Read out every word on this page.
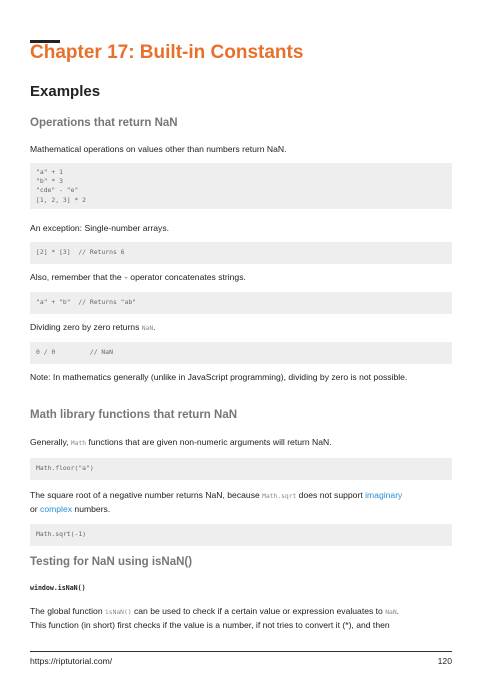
Chapter 17: Built-in Constants
Examples
Operations that return NaN

Mathematical operations on values other than numbers return NaN.

"a" + 1
"b" * 3
"cde" - "e"
[1, 2, 3] * 2

An exception: Single-number arrays.

[2] * [3]  // Returns 6

Also, remember that the + operator concatenates strings.

"a" + "b"  // Returns "ab"

Dividing zero by zero returns NaN.

0 / 0         // NaN

Note: In mathematics generally (unlike in JavaScript programming), dividing by zero is not possible.

Math library functions that return NaN

Generally, Math functions that are given non-numeric arguments will return NaN.

Math.floor("a")

The square root of a negative number returns NaN, because Math.sqrt does not support imaginary
or complex numbers.

Math.sqrt(-1)
Testing for NaN using isNaN()
window.isNaN()

The global function isNaN() can be used to check if a certain value or expression evaluates to NaN.
This function (in short) first checks if the value is a number, if not tries to convert it (*), and then

https://riptutorial.com/	120
